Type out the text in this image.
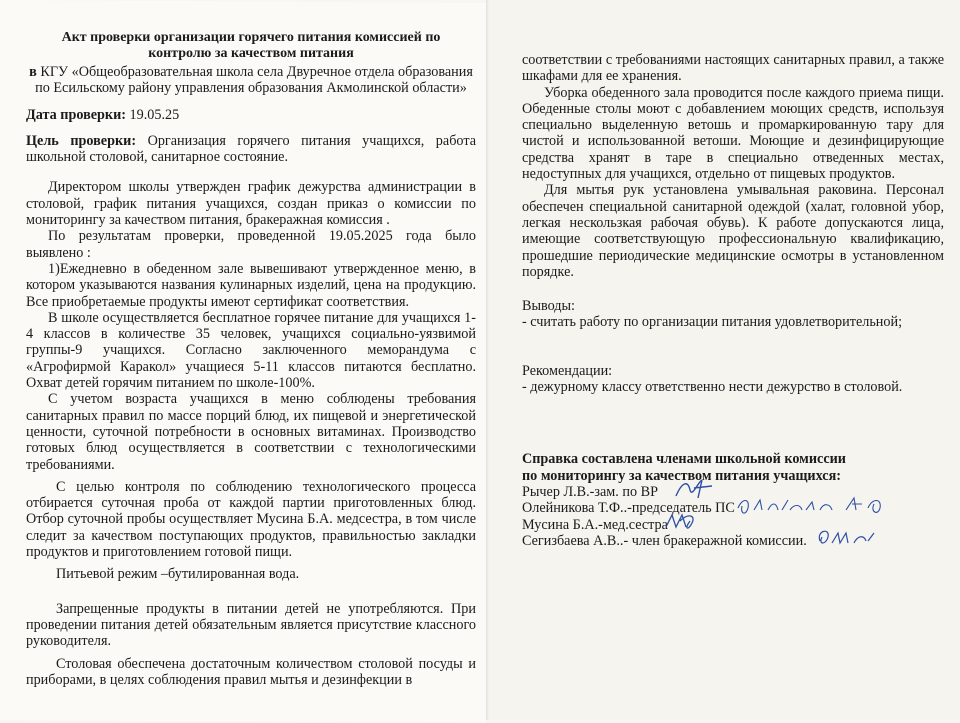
Акт проверки организации горячего питания комиссией по

контролю за качеством питания

в КГУ «Общеобразовательная школа села Двуречное отдела образования по Есильскому району управления образования Акмолинской области»

Дата проверки: 19.05.25

Цель проверки: Организация горячего питания учащихся, работа школьной столовой, санитарное состояние.

Директором школы утвержден график дежурства администрации в столовой, график питания учащихся, создан приказ о комиссии по мониторингу за качеством питания, бракеражная комиссия .

По результатам проверки, проведенной 19.05.2025 года было выявлено :

1)Ежедневно в обеденном зале вывешивают утвержденное меню, в котором указываются названия кулинарных изделий, цена на продукцию. Все приобретаемые продукты имеют сертификат соответствия.

В школе осуществляется бесплатное горячее питание для учащихся 1-4 классов в количестве 35 человек, учащихся социально-уязвимой группы-9 учащихся. Согласно заключенного меморандума с «Агрофирмой Каракол» учащиеся 5-11 классов питаются бесплатно. Охват детей горячим питанием по школе-100%.

С учетом возраста учащихся в меню соблюдены требования санитарных правил по массе порций блюд, их пищевой и энергетической ценности, суточной потребности в основных витаминах. Производство готовых блюд осуществляется в соответствии с технологическими требованиями.

С целью контроля по соблюдению технологического процесса отбирается суточная проба от каждой партии приготовленных блюд. Отбор суточной пробы осуществляет Мусина Б.А. медсестра, в том числе следит за качеством поступающих продуктов, правильностью закладки продуктов и приготовлением готовой пищи.

Питьевой режим –бутилированная вода.

Запрещенные продукты в питании детей не употребляются. При проведении питания детей обязательным является присутствие классного руководителя.

Столовая обеспечена достаточным количеством столовой посуды и приборами, в целях соблюдения правил мытья и дезинфекции в

соответствии с требованиями настоящих санитарных правил, а также шкафами для ее хранения.

Уборка обеденного зала проводится после каждого приема пищи. Обеденные столы моют с добавлением моющих средств, используя специально выделенную ветошь и промаркированную тару для чистой и использованной ветоши. Моющие и дезинфицирующие средства хранят в таре в специально отведенных местах, недоступных для учащихся, отдельно от пищевых продуктов.

Для мытья рук установлена умывальная раковина. Персонал обеспечен специальной санитарной одеждой (халат, головной убор, легкая нескользкая рабочая обувь). К работе допускаются лица, имеющие соответствующую профессиональную квалификацию, прошедшие периодические медицинские осмотры в установленном порядке.

Выводы:

- считать работу по организации питания удовлетворительной;

Рекомендации:

- дежурному классу ответственно нести дежурство в столовой.

Справка составлена членами школьной комиссии

по мониторингу за качеством питания учащихся:

Рычер Л.В.-зам. по ВР

Олейникова Т.Ф..-председатель ПС

Мусина Б.А.-мед.сестра

Сегизбаева А.В..- член бракеражной комиссии.
